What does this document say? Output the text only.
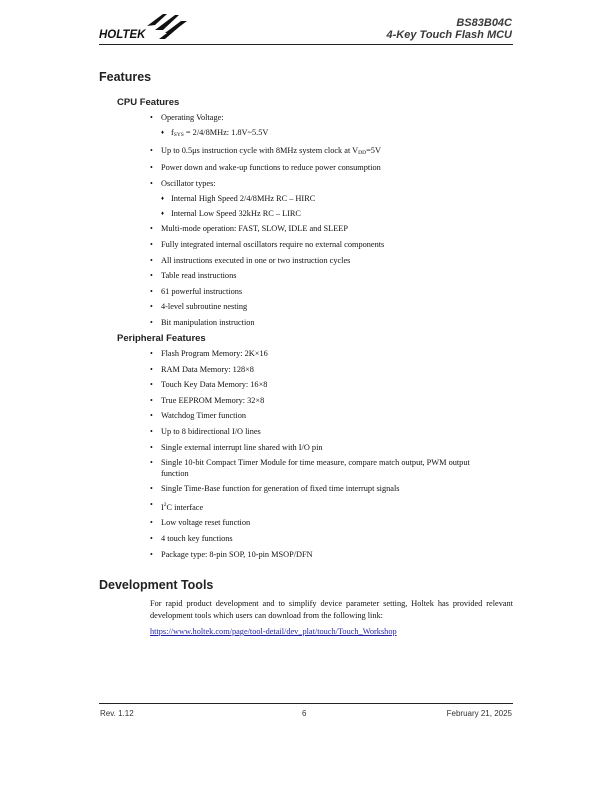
HOLTEK
BS83B04C
4-Key Touch Flash MCU
Features
CPU Features
• Operating Voltage:
♦ $f_{SYS} = 2/4/8MHz$: 1.8V~5.5V
• Up to 0.5μs instruction cycle with 8MHz system clock at $V_{DD}=5V$
• Power down and wake-up functions to reduce power consumption
• Oscillator types:
♦ Internal High Speed 2/4/8MHz RC – HIRC
♦ Internal Low Speed 32kHz RC – LIRC
• Multi-mode operation: FAST, SLOW, IDLE and SLEEP
• Fully integrated internal oscillators require no external components
• All instructions executed in one or two instruction cycles
• Table read instructions
• 61 powerful instructions
• 4-level subroutine nesting
• Bit manipulation instruction
Peripheral Features
• Flash Program Memory: 2K×16
• RAM Data Memory: 128×8
• Touch Key Data Memory: 16×8
• True EEPROM Memory: 32×8
• Watchdog Timer function
• Up to 8 bidirectional I/O lines
• Single external interrupt line shared with I/O pin
• Single 10-bit Compact Timer Module for time measure, compare match output, PWM output function
• Single Time-Base function for generation of fixed time interrupt signals
• $I^2C$ interface
• Low voltage reset function
• 4 touch key functions
• Package type: 8-pin SOP, 10-pin MSOP/DFN
Development Tools
For rapid product development and to simplify device parameter setting, Holtek has provided relevant development tools which users can download from the following link:
https://www.holtek.com/page/tool-detail/dev_plat/touch/Touch_Workshop
Rev. 1.12	6	February 21, 2025
